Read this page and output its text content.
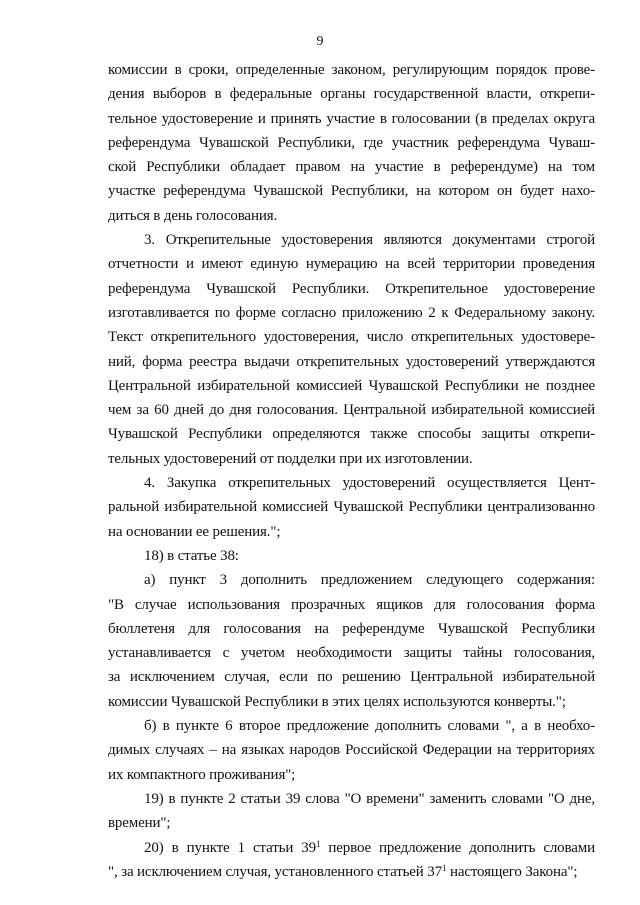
9
комиссии в сроки, определенные законом, регулирующим порядок прове-
дения выборов в федеральные органы государственной власти, открепи-
тельное удостоверение и принять участие в голосовании (в пределах округа
референдума Чувашской Республики, где участник референдума Чуваш-
ской Республики обладает правом на участие в референдуме) на том
участке референдума Чувашской Республики, на котором он будет нахо-
диться в день голосования.
3. Открепительные удостоверения являются документами строгой
отчетности и имеют единую нумерацию на всей территории проведения
референдума Чувашской Республики. Открепительное удостоверение
изготавливается по форме согласно приложению 2 к Федеральному закону.
Текст открепительного удостоверения, число открепительных удостовере-
ний, форма реестра выдачи открепительных удостоверений утверждаются
Центральной избирательной комиссией Чувашской Республики не позднее
чем за 60 дней до дня голосования. Центральной избирательной комиссией
Чувашской Республики определяются также способы защиты открепи-
тельных удостоверений от подделки при их изготовлении.
4. Закупка открепительных удостоверений осуществляется Цент-
ральной избирательной комиссией Чувашской Республики централизованно
на основании ее решения.";
18) в статье 38:
а) пункт 3 дополнить предложением следующего содержания:
"В случае использования прозрачных ящиков для голосования форма
бюллетеня для голосования на референдуме Чувашской Республики
устанавливается с учетом необходимости защиты тайны голосования,
за исключением случая, если по решению Центральной избирательной
комиссии Чувашской Республики в этих целях используются конверты.";
б) в пункте 6 второе предложение дополнить словами ", а в необхо-
димых случаях – на языках народов Российской Федерации на территориях
их компактного проживания";
19) в пункте 2 статьи 39 слова "О времени" заменить словами "О дне,
времени";
20) в пункте 1 статьи $39^1$ первое предложение дополнить словами
", за исключением случая, установленного статьей $37^1$ настоящего Закона";
